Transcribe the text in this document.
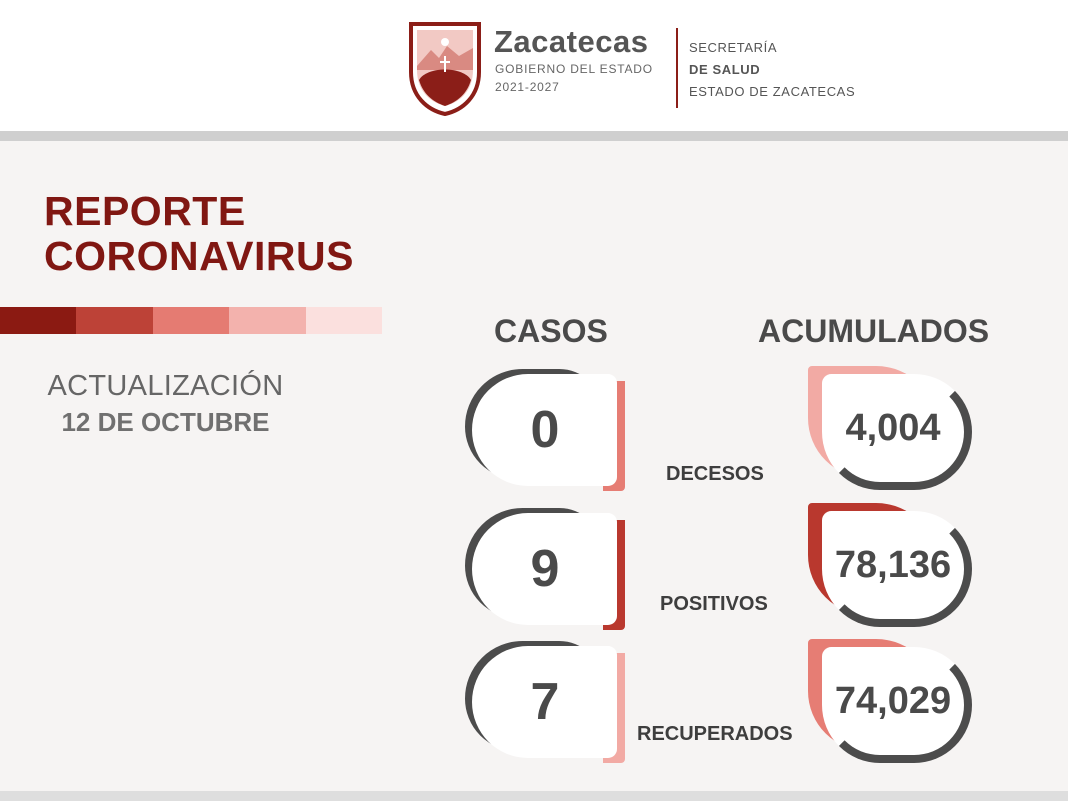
Zacatecas
GOBIERNO DEL ESTADO
2021-2027
SECRETARÍA
DE SALUD
ESTADO DE ZACATECAS
REPORTE
CORONAVIRUS
ACTUALIZACIÓN
12 DE OCTUBRE
CASOS	ACUMULADOS
0
DECESOS
4,004
9
POSITIVOS
78,136
7
RECUPERADOS
74,029
